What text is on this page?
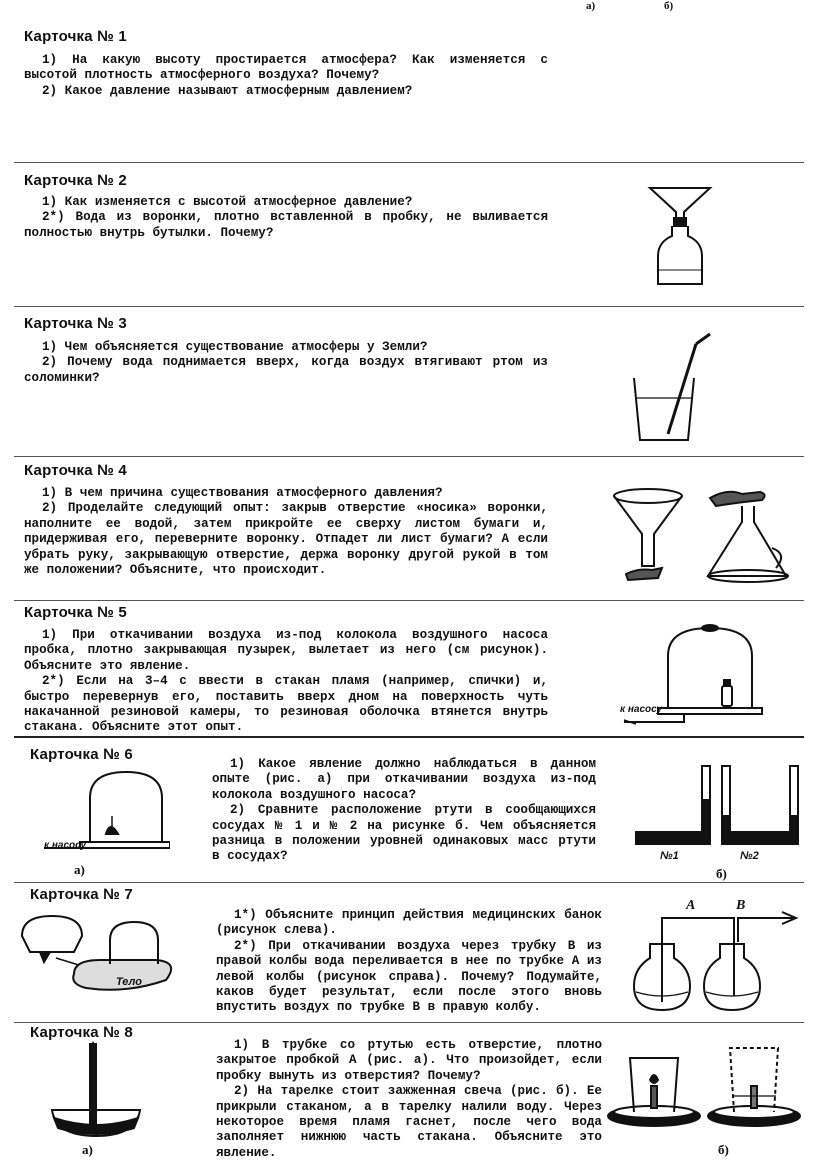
а)	б)
Карточка № 1

1) На какую высоту простирается атмосфера? Как изменяется с высотой плотность атмосферного воздуха? Почему?

2) Какое давление называют атмосферным давлением?

Карточка № 2

1) Как изменяется с высотой атмосферное давление?

2*) Вода из воронки, плотно вставленной в пробку, не выливается полностью внутрь бутылки. Почему?

Карточка № 3

1) Чем объясняется существование атмосферы у Земли?

2) Почему вода поднимается вверх, когда воздух втягивают ртом из соломинки?

Карточка № 4

1) В чем причина существования атмосферного давления?

2) Проделайте следующий опыт: закрыв отверстие «носика» воронки, наполните ее водой, затем прикройте ее сверху листом бумаги и, придерживая его, переверните воронку. Отпадет ли лист бумаги? А если убрать руку, закрывающую отверстие, держа воронку другой рукой в том же положении? Объясните, что происходит.

Карточка № 5

1) При откачивании воздуха из-под колокола воздушного насоса пробка, плотно закрывающая пузырек, вылетает из него (см рисунок). Объясните это явление.

2*) Если на 3–4 с ввести в стакан пламя (например, спички) и, быстро перевернув его, поставить вверх дном на поверхность чуть накачанной резиновой камеры, то резиновая оболочка втянется внутрь стакана. Объясните этот опыт.

к насосу
Карточка № 6
к насосу
а)

1) Какое явление должно наблюдаться в данном опыте (рис. а) при откачивании воздуха из-под колокола воздушного насоса?

2) Сравните расположение ртути в сообщающихся сосудах № 1 и № 2 на рисунке б. Чем объясняется разница в положении уровней одинаковых масс ртути в сосудах?	№1	№2
б)
Карточка № 7
Тело

1*) Объясните принцип действия медицинских банок (рисунок слева).

2*) При откачивании воздуха через трубку В из правой колбы вода переливается в нее по трубке А из левой колбы (рисунок справа). Почему? Подумайте, каков будет результат, если после этого вновь впустить воздух по трубке В в правую колбу.

A	B
Карточка № 8
A
а)

1) В трубке со ртутью есть отверстие, плотно закрытое пробкой А (рис. а). Что произойдет, если пробку вынуть из отверстия? Почему?

2) На тарелке стоит зажженная свеча (рис. б). Ее прикрыли стаканом, а в тарелку налили воду. Через некоторое время пламя гаснет, после чего вода заполняет нижнюю часть стакана. Объясните это явление.	б)
